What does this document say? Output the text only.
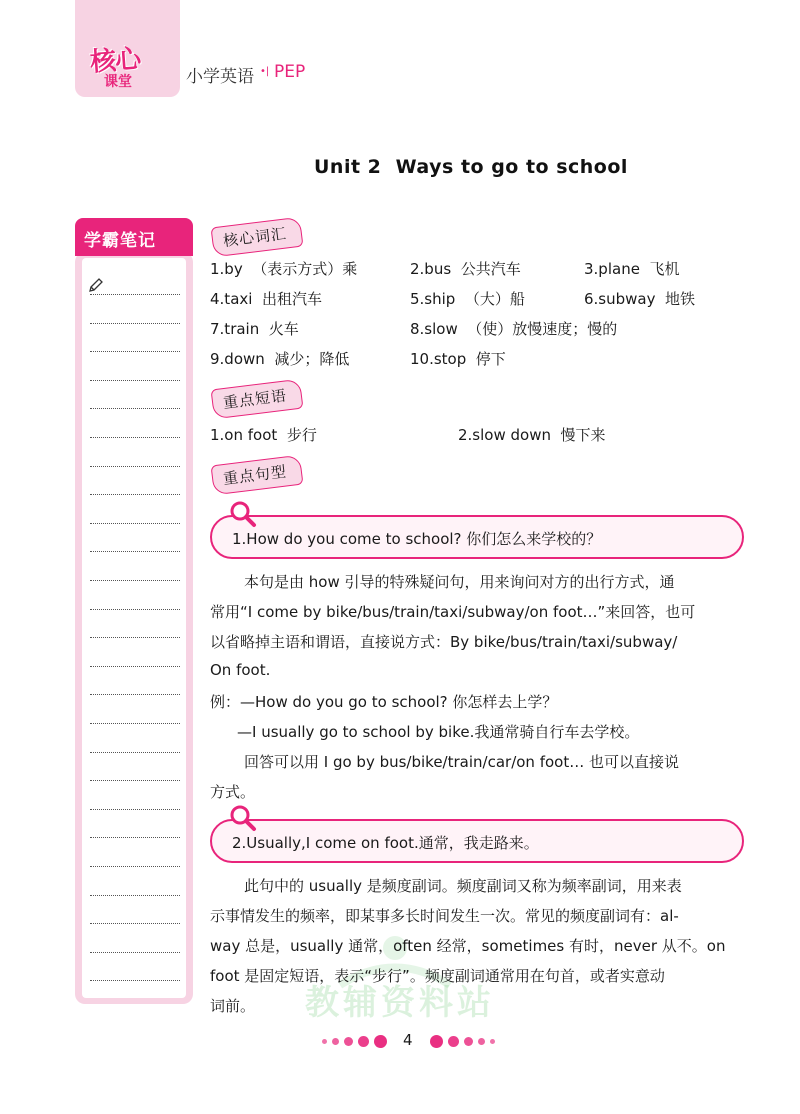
核心
课堂	小学英语 •| PEP
Unit 2  Ways to go to school
学霸笔记	核心词汇
1.by  （表示方式）乘	2.bus  公共汽车	3.plane  飞机
4.taxi  出租汽车	5.ship  （大）船	6.subway  地铁
7.train  火车	8.slow  （使）放慢速度；慢的
9.down  减少；降低	10.stop  停下
重点短语
1.on foot  步行	2.slow down  慢下来
重点句型
1.How do you come to school? 你们怎么来学校的？
本句是由 how 引导的特殊疑问句，用来询问对方的出行方式，通
常用“I come by bike/bus/train/taxi/subway/on foot…”来回答，也可
以省略掉主语和谓语，直接说方式：By bike/bus/train/taxi/subway/
On foot.
例：—How do you go to school? 你怎样去上学？
—I usually go to school by bike.我通常骑自行车去学校。
回答可以用 I go by bus/bike/train/car/on foot… 也可以直接说
方式。
2.Usually,I come on foot.通常，我走路来。
此句中的 usually 是频度副词。频度副词又称为频率副词，用来表
示事情发生的频率，即某事多长时间发生一次。常见的频度副词有：al-
way 总是，usually 通常，often 经常，sometimes 有时，never 从不。on
foot 是固定短语，表示“步行”。频度副词通常用在句首，或者实意动
词前。 教辅资料站
4
